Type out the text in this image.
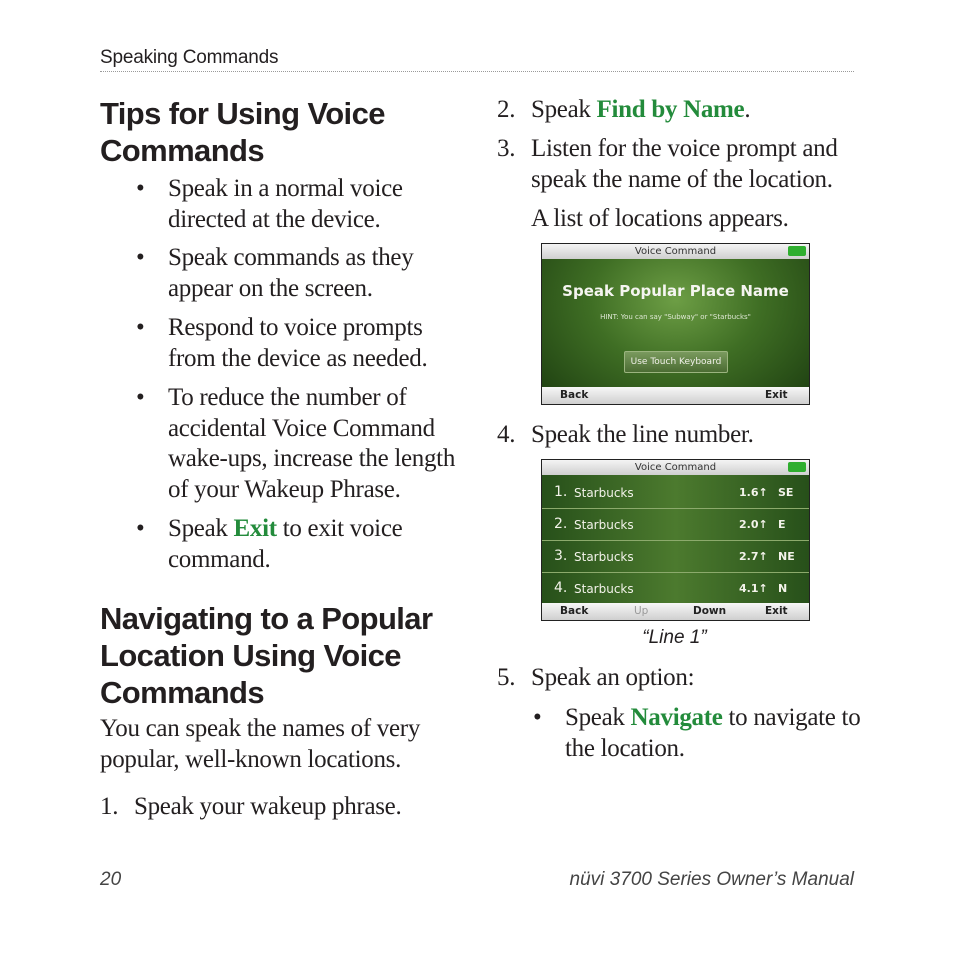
Speaking Commands
Tips for Using Voice Commands
• Speak in a normal voice directed at the device.
• Speak commands as they appear on the screen.
• Respond to voice prompts from the device as needed.
• To reduce the number of accidental Voice Command wake-ups, increase the length of your Wakeup Phrase.
• Speak Exit to exit voice command.
Navigating to a Popular Location Using Voice Commands
You can speak the names of very popular, well-known locations.
1. Speak your wakeup phrase.
2. Speak Find by Name.
3. Listen for the voice prompt and speak the name of the location.
A list of locations appears.
Voice Command
Speak Popular Place Name
HINT: You can say "Subway" or "Starbucks"
Use Touch Keyboard
Back	Exit
4. Speak the line number.
Voice Command
1. Starbucks	1.6↑ SE
2. Starbucks	2.0↑ E
3. Starbucks	2.7↑ NE
4. Starbucks	4.1↑ N
Back	Up	Down	Exit
“Line 1”
5. Speak an option:
• Speak Navigate to navigate to the location.
20	nüvi 3700 Series Owner’s Manual
